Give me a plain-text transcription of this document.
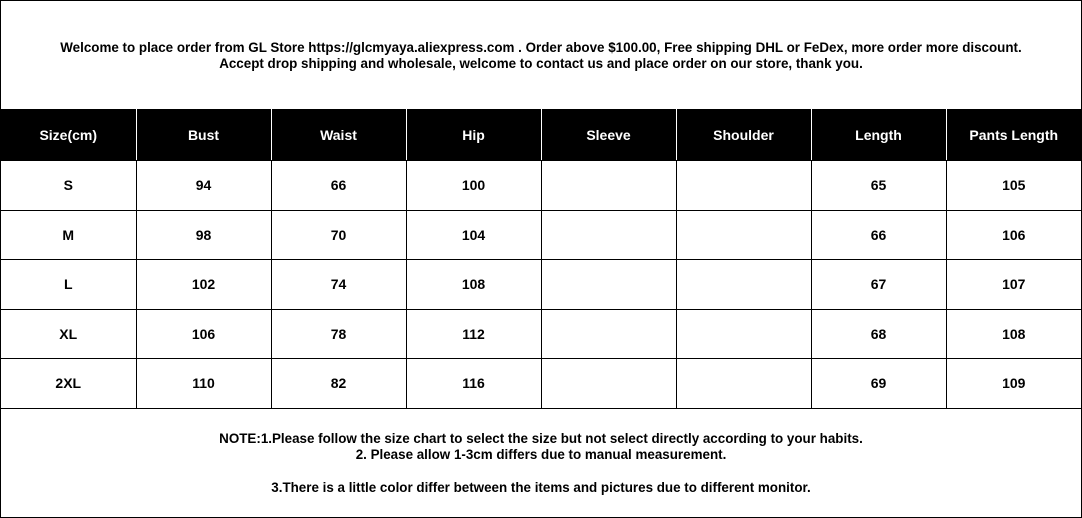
Welcome to place order from GL Store https://glcmyaya.aliexpress.com . Order above $100.00, Free shipping DHL or FeDex, more order more discount.
Accept drop shipping and wholesale, welcome to contact us and place order on our store, thank you.
Size(cm)	Bust	Waist	Hip	Sleeve	Shoulder	Length	Pants Length
S	94	66	100			65	105
M	98	70	104			66	106
L	102	74	108			67	107
XL	106	78	112			68	108
2XL	110	82	116			69	109
NOTE:1.Please follow the size chart to select the size but not select directly according to your habits.
2. Please allow 1-3cm differs due to manual measurement.
3.There is a little color differ between the items and pictures due to different monitor.
